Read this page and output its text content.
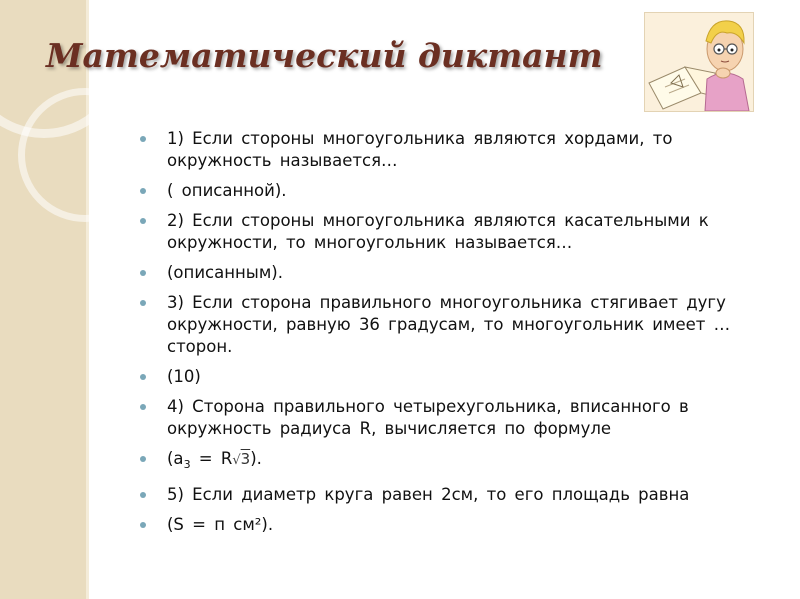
Математический диктант
1) Если стороны многоугольника являются хордами, то окружность называется…
( описанной).
2) Если стороны многоугольника являются касательными к окружности, то многоугольник называется…
(описанным).
3) Если сторона правильного многоугольника стягивает дугу окружности, равную 36 градусам, то многоугольник имеет …сторон.
(10)
4) Сторона правильного четырехугольника, вписанного в окружность радиуса R, вычисляется по формуле
$(a_3 = R√3)$.
5) Если диаметр круга равен 2см, то его площадь равна
(S = п см²).
